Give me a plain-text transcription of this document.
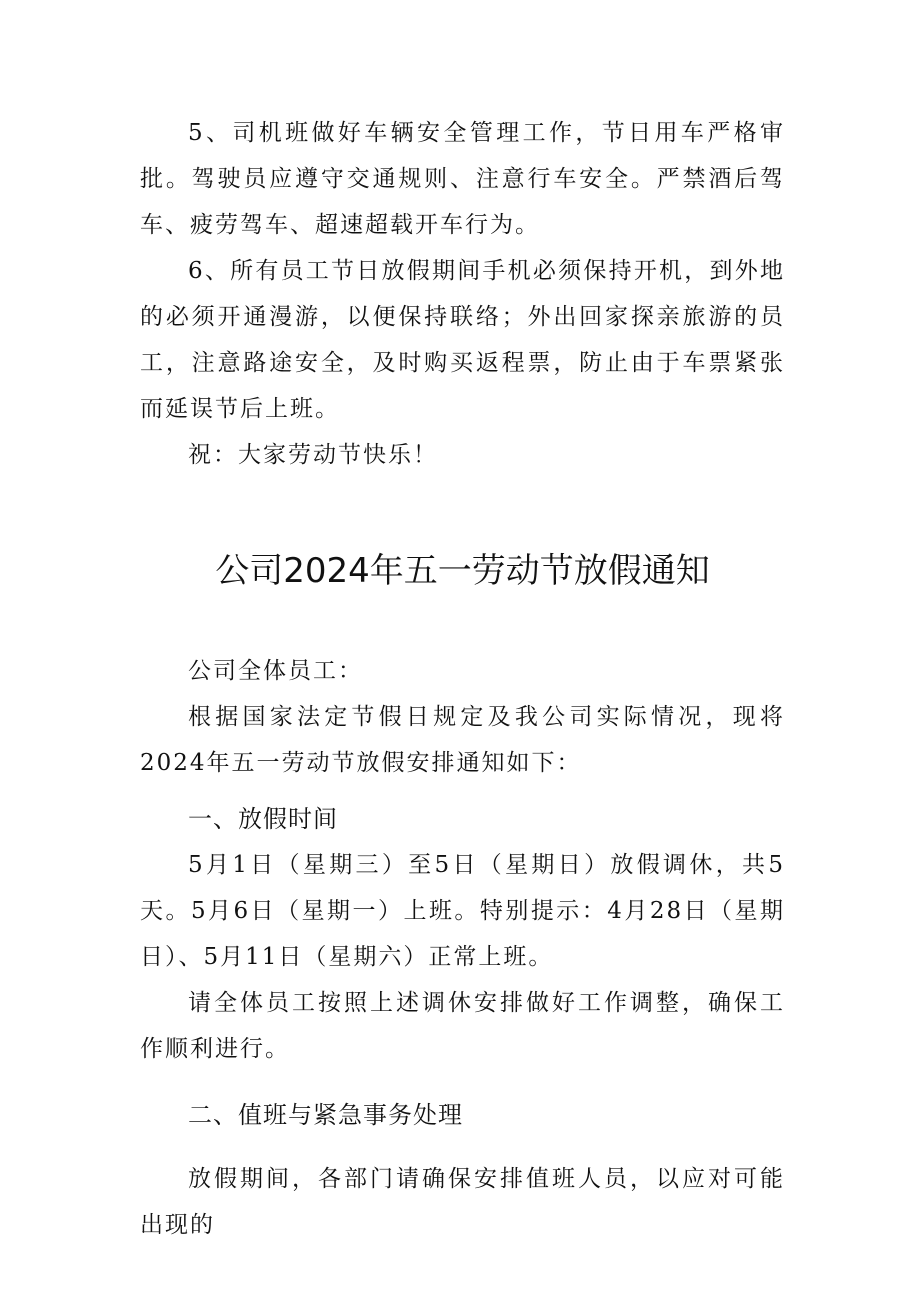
5、司机班做好车辆安全管理工作，节日用车严格审批。驾驶员应遵守交通规则、注意行车安全。严禁酒后驾车、疲劳驾车、超速超载开车行为。

6、所有员工节日放假期间手机必须保持开机，到外地的必须开通漫游，以便保持联络；外出回家探亲旅游的员工，注意路途安全，及时购买返程票，防止由于车票紧张而延误节后上班。

祝：大家劳动节快乐！

公司2024年五一劳动节放假通知

公司全体员工：

根据国家法定节假日规定及我公司实际情况，现将2024年五一劳动节放假安排通知如下：

一、放假时间

5月1日（星期三）至5日（星期日）放假调休，共5天。5月6日（星期一）上班。特别提示：4月28日（星期日）、5月11日（星期六）正常上班。

请全体员工按照上述调休安排做好工作调整，确保工作顺利进行。

二、值班与紧急事务处理

放假期间，各部门请确保安排值班人员，以应对可能出现的
